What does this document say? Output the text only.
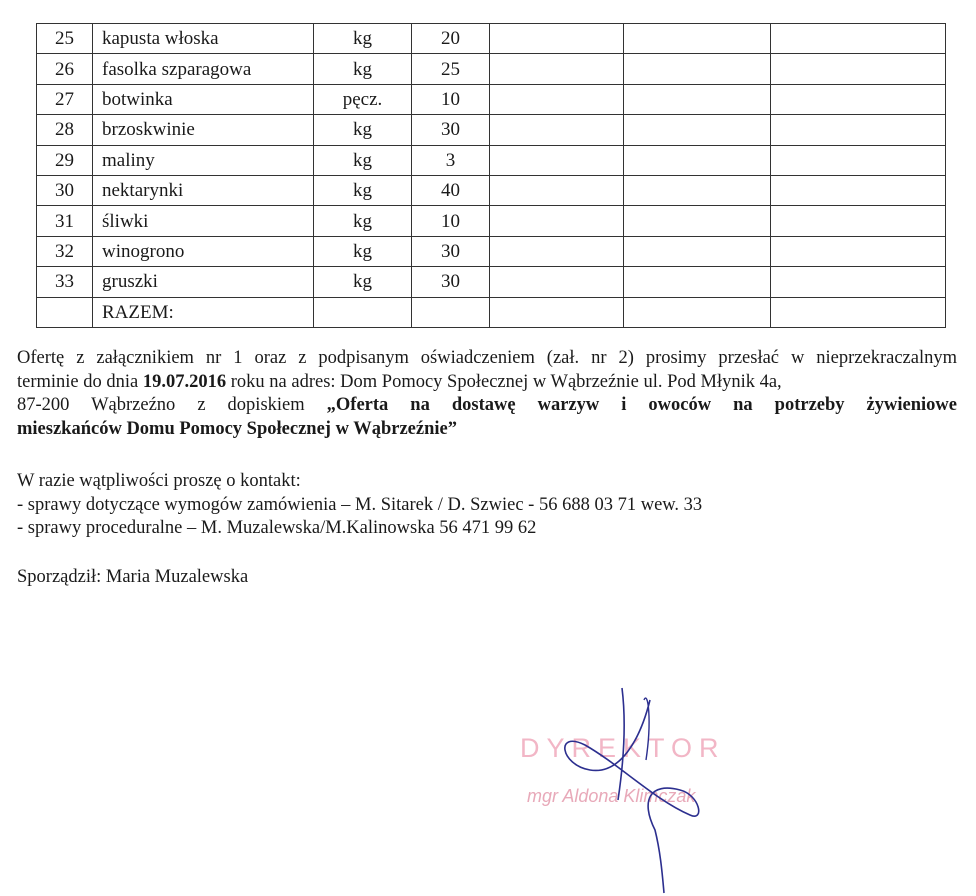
25	kapusta włoska	kg	20			
26	fasolka szparagowa	kg	25			
27	botwinka	pęcz.	10			
28	brzoskwinie	kg	30			
29	maliny	kg	3			
30	nektarynki	kg	40			
31	śliwki	kg	10			
32	winogrono	kg	30			
33	gruszki	kg	30			
	RAZEM:					
Ofertę z załącznikiem nr 1 oraz z podpisanym oświadczeniem (zał. nr 2) prosimy przesłać w nieprzekraczalnym
terminie do dnia 19.07.2016 roku na adres: Dom Pomocy Społecznej w Wąbrzeźnie ul. Pod Młynik 4a,

87-200 Wąbrzeźno z dopiskiem „Oferta na dostawę warzyw i owoców na potrzeby żywieniowe
mieszkańców Domu Pomocy Społecznej w Wąbrzeźnie”
W razie wątpliwości proszę o kontakt:
- sprawy dotyczące wymogów zamówienia – M. Sitarek / D. Szwiec - 56 688 03 71 wew. 33
- sprawy proceduralne – M. Muzalewska/M.Kalinowska 56 471 99 62
Sporządził: Maria Muzalewska
DYREKTOR
mgr Aldona Klimczak
